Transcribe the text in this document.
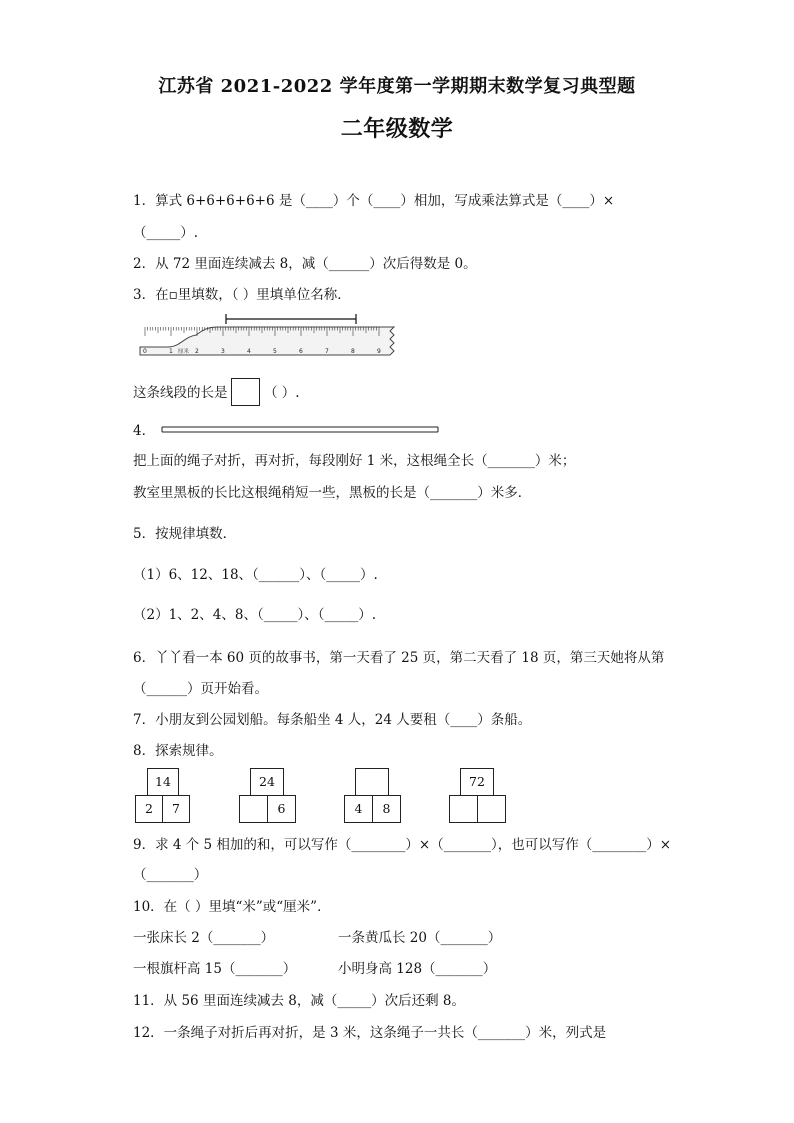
江苏省 2021-2022 学年度第一学期期末数学复习典型题
二年级数学
1．算式 6+6+6+6+6 是（____）个（____）相加，写成乘法算式是（____）×
（_____）.
2．从 72 里面连续减去 8，减（______）次后得数是 0。
3．在▫里填数，（ ）里填单位名称．
0	1	2	3	4	5	6	7	8	9
厘米
这条线段的长是	（ ）.
4．
把上面的绳子对折，再对折，每段刚好 1 米，这根绳全长（_______）米；
教室里黑板的长比这根绳稍短一些，黑板的长是（_______）米多．
5．按规律填数．
（1）6、12、18、（______）、（_____）.
（2）1、2、4、8、（_____）、（_____）.
6．丫丫看一本 60 页的故事书，第一天看了 25 页，第二天看了 18 页，第三天她将从第
（______）页开始看。
7．小朋友到公园划船。每条船坐 4 人，24 人要租（____）条船。
8．探索规律。
14
2	7
24
6	4	8
72
9．求 4 个 5 相加的和，可以写作（________）×（_______），也可以写作（________）×
（_______）
10．在（ ）里填“米”或“厘米”．
一张床长 2（_______）	一条黄瓜长 20（_______）
一根旗杆高 15（_______）	小明身高 128（_______）
11．从 56 里面连续减去 8，减（_____）次后还剩 8。
12．一条绳子对折后再对折，是 3 米，这条绳子一共长（_______）米，列式是
